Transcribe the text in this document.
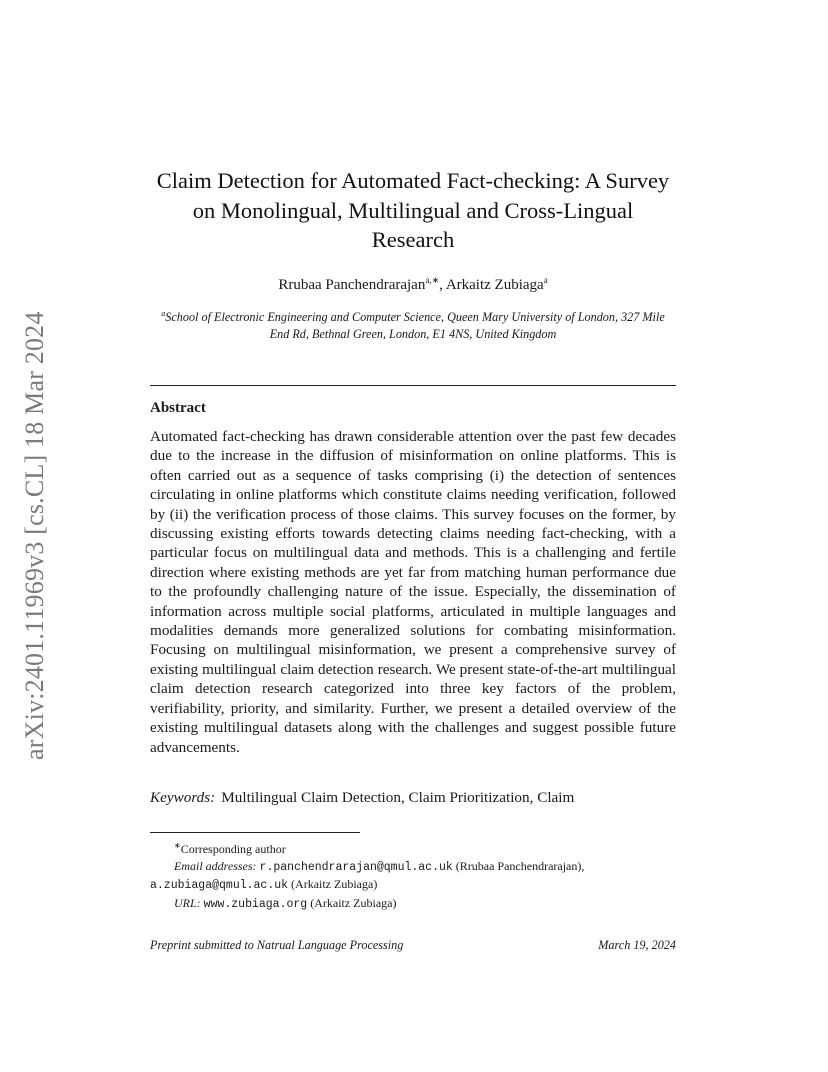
arXiv:2401.11969v3 [cs.CL] 18 Mar 2024
Claim Detection for Automated Fact-checking: A Survey on Monolingual, Multilingual and Cross-Lingual Research
Rrubaa Panchendrarajan$^{a,∗}$, Arkaitz Zubiaga$^a$
$^a$School of Electronic Engineering and Computer Science, Queen Mary University of London, 327 Mile End Rd, Bethnal Green, London, E1 4NS, United Kingdom
Abstract
Automated fact-checking has drawn considerable attention over the past few decades due to the increase in the diffusion of misinformation on online platforms. This is often carried out as a sequence of tasks comprising (i) the detection of sentences circulating in online platforms which constitute claims needing verification, followed by (ii) the verification process of those claims. This survey focuses on the former, by discussing existing efforts towards detecting claims needing fact-checking, with a particular focus on multilingual data and methods. This is a challenging and fertile direction where existing methods are yet far from matching human performance due to the profoundly challenging nature of the issue. Especially, the dissemination of information across multiple social platforms, articulated in multiple languages and modalities demands more generalized solutions for combating misinformation. Focusing on multilingual misinformation, we present a comprehensive survey of existing multilingual claim detection research. We present state-of-the-art multilingual claim detection research categorized into three key factors of the problem, verifiability, priority, and similarity. Further, we present a detailed overview of the existing multilingual datasets along with the challenges and suggest possible future advancements.
Keywords: Multilingual Claim Detection, Claim Prioritization, Claim
∗Corresponding author
Email addresses: r.panchendrarajan@qmul.ac.uk (Rrubaa Panchendrarajan),
a.zubiaga@qmul.ac.uk (Arkaitz Zubiaga)
URL: www.zubiaga.org (Arkaitz Zubiaga)
Preprint submitted to Natrual Language Processing	March 19, 2024
